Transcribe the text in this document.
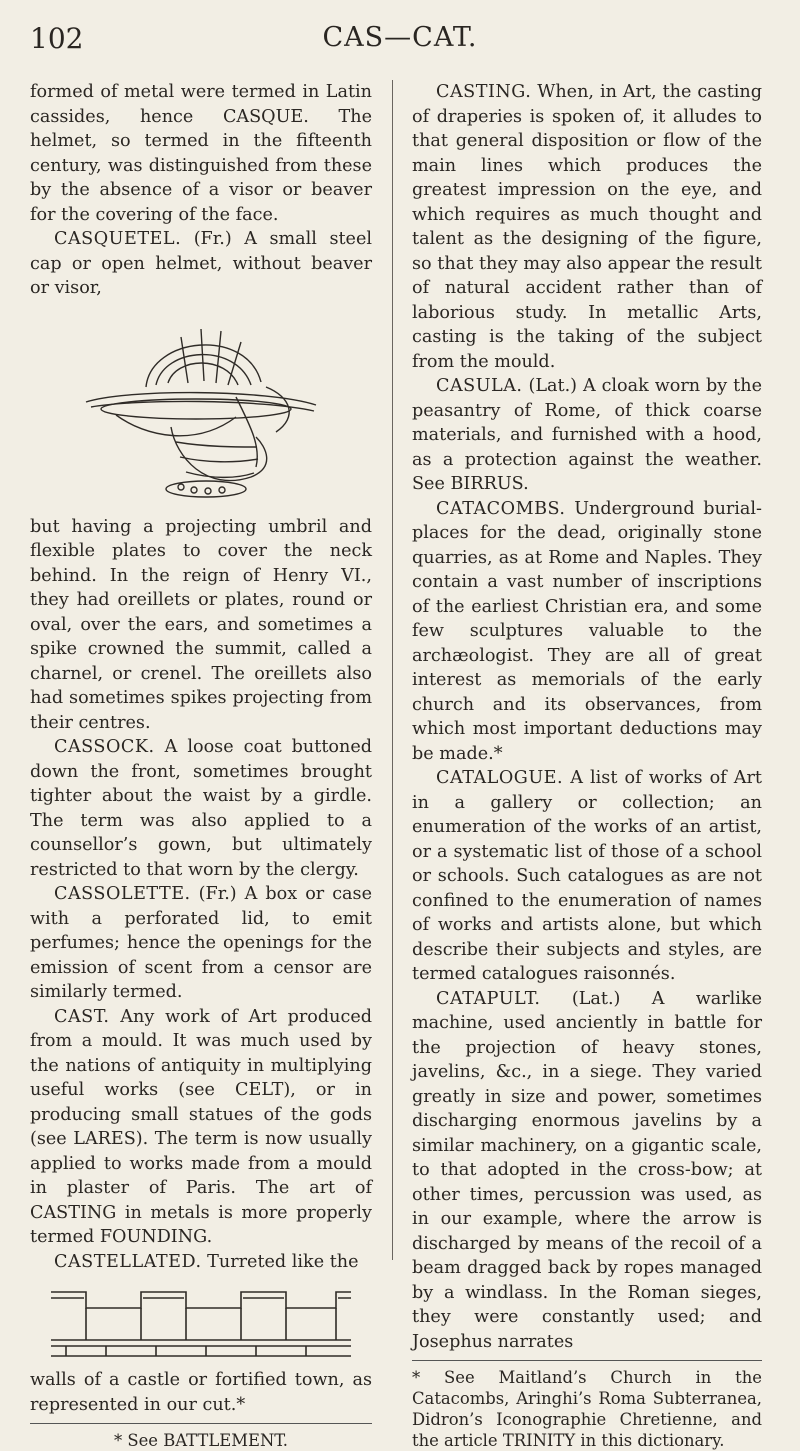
102	CAS—CAT.

formed of metal were termed in Latin cassides, hence CASQUE. The helmet, so termed in the fifteenth century, was distinguished from these by the absence of a visor or beaver for the covering of the face.

CASQUETEL. (Fr.) A small steel cap or open helmet, without beaver or visor,

but having a projecting umbril and flexible plates to cover the neck behind. In the reign of Henry VI., they had oreillets or plates, round or oval, over the ears, and sometimes a spike crowned the summit, called a charnel, or crenel. The oreillets also had sometimes spikes projecting from their centres.

CASSOCK. A loose coat buttoned down the front, sometimes brought tighter about the waist by a girdle. The term was also applied to a counsellor’s gown, but ultimately restricted to that worn by the clergy.

CASSOLETTE. (Fr.) A box or case with a perforated lid, to emit perfumes; hence the openings for the emission of scent from a censor are similarly termed.

CAST. Any work of Art produced from a mould. It was much used by the nations of antiquity in multiplying useful works (see CELT), or in producing small statues of the gods (see LARES). The term is now usually applied to works made from a mould in plaster of Paris. The art of CASTING in metals is more properly termed FOUNDING.

CASTELLATED. Turreted like the

walls of a castle or fortified town, as represented in our cut.*

* See BATTLEMENT.

CASTING. When, in Art, the casting of draperies is spoken of, it alludes to that general disposition or flow of the main lines which produces the greatest impression on the eye, and which requires as much thought and talent as the designing of the figure, so that they may also appear the result of natural accident rather than of laborious study. In metallic Arts, casting is the taking of the subject from the mould.

CASULA. (Lat.) A cloak worn by the peasantry of Rome, of thick coarse materials, and furnished with a hood, as a protection against the weather. See BIRRUS.

CATACOMBS. Underground burial-places for the dead, originally stone quarries, as at Rome and Naples. They contain a vast number of inscriptions of the earliest Christian era, and some few sculptures valuable to the archæologist. They are all of great interest as memorials of the early church and its observances, from which most important deductions may be made.*

CATALOGUE. A list of works of Art in a gallery or collection; an enumeration of the works of an artist, or a systematic list of those of a school or schools. Such catalogues as are not confined to the enumeration of names of works and artists alone, but which describe their subjects and styles, are termed catalogues raisonnés.

CATAPULT. (Lat.) A warlike machine, used anciently in battle for the projection of heavy stones, javelins, &c., in a siege. They varied greatly in size and power, sometimes discharging enormous javelins by a similar machinery, on a gigantic scale, to that adopted in the cross-bow; at other times, percussion was used, as in our example, where the arrow is discharged by means of the recoil of a beam dragged back by ropes managed by a windlass. In the Roman sieges, they were constantly used; and Josephus narrates

* See Maitland’s Church in the Catacombs, Aringhi’s Roma Subterranea, Didron’s Iconographie Chretienne, and the article TRINITY in this dictionary.
